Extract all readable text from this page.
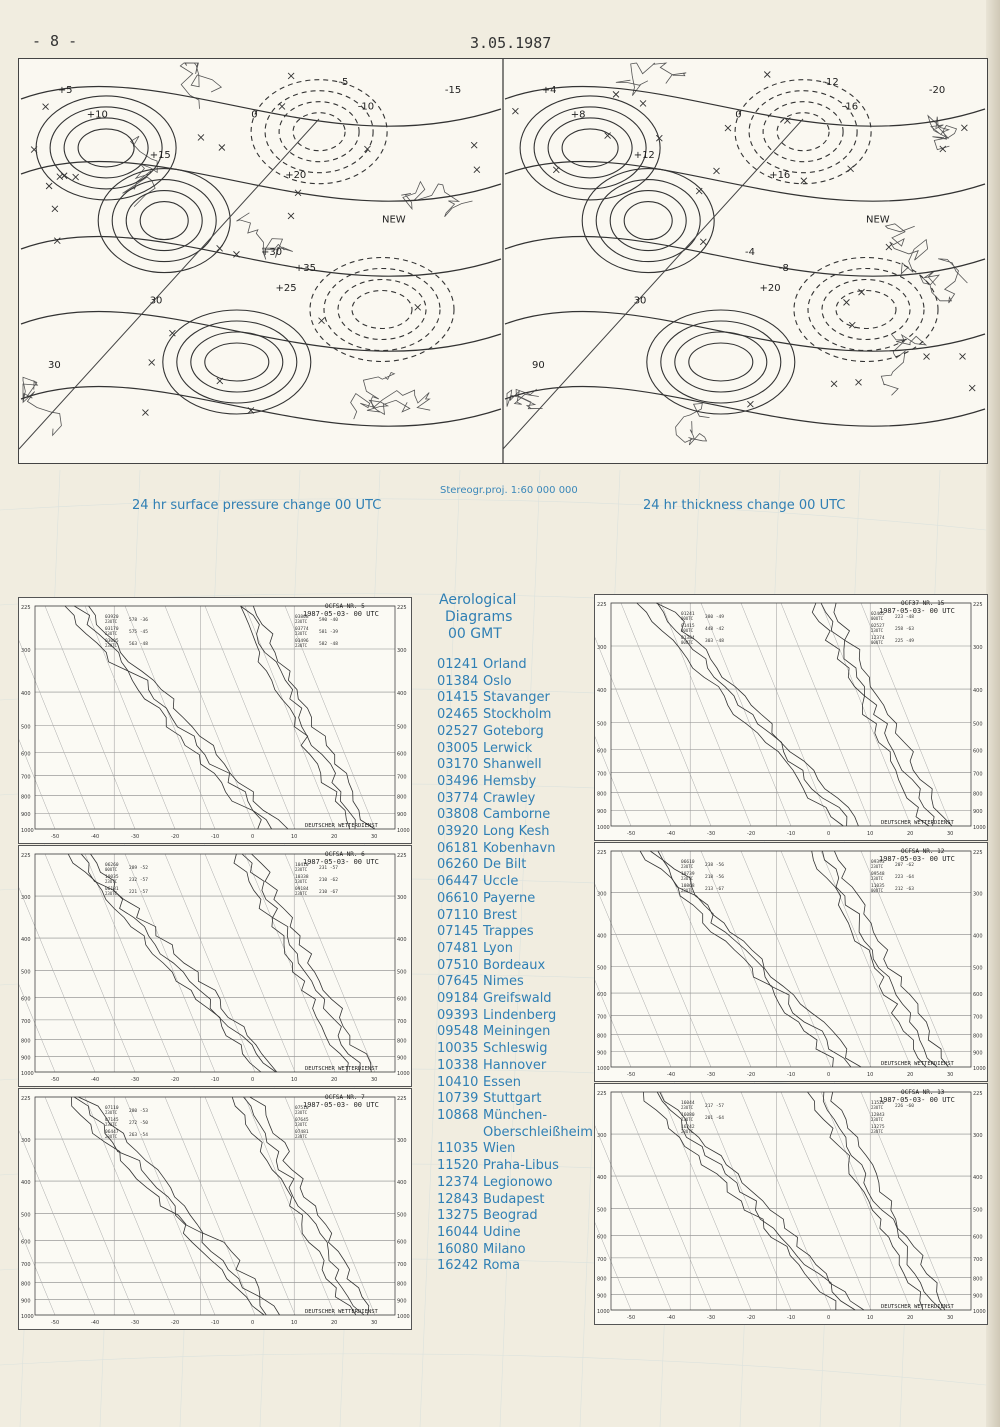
- 8 -	3.05.1987
+5
+10
+15
+20
+25
+30
+35
-5
-10
-15
0
30
30
NEW
+4
+8
+12
+16
+20
-4
-8
-12
-16
-20
0
30
90
NEW
24 hr surface pressure change 00 UTC
Stereogr.proj. 1:60 000 000
24 hr thickness change 00 UTC
225	225
300	300
400	400
500	500
600	600
700	700
800	800
900	900
1000	1000
-50	-40	-30	-20	-10	0	10	20	30
03920
23UTC	578 -36
03170
23UTC	575 -45
03005
23UTC	563 -48
03808
23UTC	590 -40
03774
23UTC	581 -39
03496
23UTC	582 -48
1987-05-03- 00 UTC
OCFSA NR. 5
DEUTSCHER WETTERDIENST
225	225
300	300
400	400
500	500
600	600
700	700
800	800
900	900
1000	1000
-50	-40	-30	-20	-10	0	10	20	30
06260
00UTC	289 -52
10035
23UTC	232 -57
06181
23UTC	221 -57
10410
23UTC	231 -57
10338
23UTC	210 -62
09184
23UTC	210 -67
1987-05-03- 00 UTC
OCFSA NR. 6
DEUTSCHER WETTERDIENST
225	225
300	300
400	400
500	500
600	600
700	700
800	800
900	900
1000	1000
-50	-40	-30	-20	-10	0	10	20	30
07110
23UTC	280 -53
07145
23UTC	272 -50
06447
23UTC	263 -54
07510
23UTC
07645
23UTC
07481
23UTC
1987-05-03- 00 UTC
OCFSA NR. 7
DEUTSCHER WETTERDIENST
225	225
300	300
400	400
500	500
600	600
700	700
800	800
900	900
1000	1000
-50	-40	-30	-20	-10	0	10	20	30
01241
00UTC	380 -49
01415
00UTC	448 -42
01384
00UTC	303 -48
02465
00UTC	223 -48
02527
23UTC	258 -63
12374
00UTC	225 -49
1987-05-03- 00 UTC
OCF37 NR. 15
DEUTSCHER WETTERDIENST
225	225
300	300
400	400
500	500
600	600
700	700
800	800
900	900
1000	1000
-50	-40	-30	-20	-10	0	10	20	30
06610
23UTC	238 -56
10739
23UTC	218 -56
10868
23UTC	213 -67
09393
23UTC	207 -62
09548
23UTC	223 -64
11035
00UTC	212 -63
1987-05-03- 00 UTC
OCFSA NR. 12
DEUTSCHER WETTERDIENST
225	225
300	300
400	400
500	500
600	600
700	700
800	800
900	900
1000	1000
-50	-40	-30	-20	-10	0	10	20	30
16044
23UTC	217 -57
16080
23UTC	201 -64
16242
23UTC
11520
23UTC	226 -60
12843
23UTC
13275
23UTC
1987-05-03- 00 UTC
OCFSA NR. 13
DEUTSCHER WETTERDIENST
Aerological
Diagrams
00 GMT
01241 Orland
01384 Oslo
01415 Stavanger
02465 Stockholm
02527 Goteborg
03005 Lerwick
03170 Shanwell
03496 Hemsby
03774 Crawley
03808 Camborne
03920 Long Kesh
06181 Kobenhavn
06260 De Bilt
06447 Uccle
06610 Payerne
07110 Brest
07145 Trappes
07481 Lyon
07510 Bordeaux
07645 Nimes
09184 Greifswald
09393 Lindenberg
09548 Meiningen
10035 Schleswig
10338 Hannover
10410 Essen
10739 Stuttgart
10868 München-
Oberschleißheim
11035 Wien
11520 Praha-Libus
12374 Legionowo
12843 Budapest
13275 Beograd
16044 Udine
16080 Milano
16242 Roma
